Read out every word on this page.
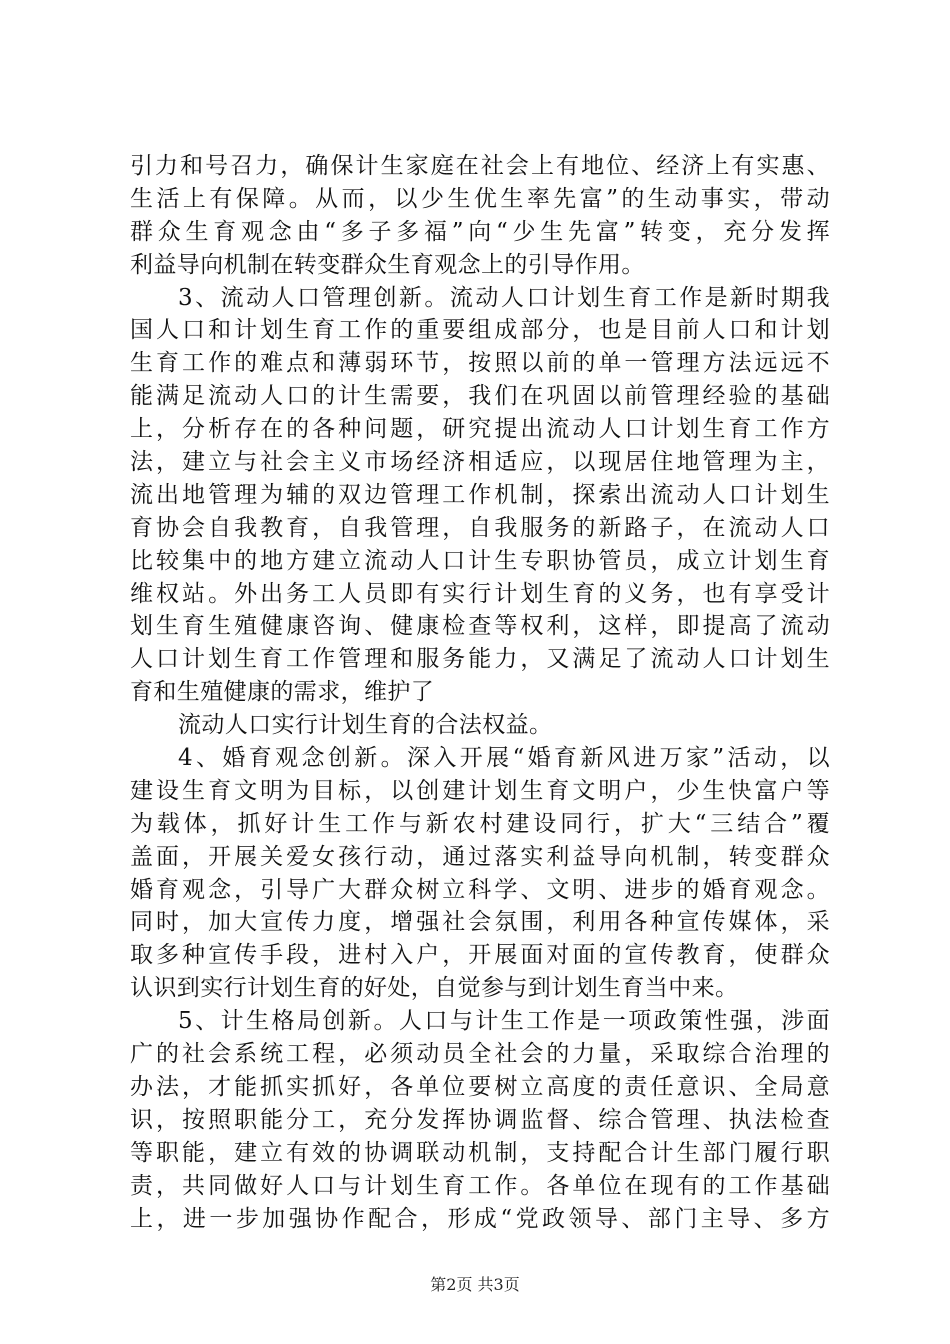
引力和号召力，确保计生家庭在社会上有地位、经济上有实惠、
生活上有保障。从而，以少生优生率先富”的生动事实，带动
群众生育观念由“多子多福”向“少生先富”转变，充分发挥
利益导向机制在转变群众生育观念上的引导作用。
3、流动人口管理创新。流动人口计划生育工作是新时期我
国人口和计划生育工作的重要组成部分，也是目前人口和计划
生育工作的难点和薄弱环节，按照以前的单一管理方法远远不
能满足流动人口的计生需要，我们在巩固以前管理经验的基础
上，分析存在的各种问题，研究提出流动人口计划生育工作方
法，建立与社会主义市场经济相适应，以现居住地管理为主，
流出地管理为辅的双边管理工作机制，探索出流动人口计划生
育协会自我教育，自我管理，自我服务的新路子，在流动人口
比较集中的地方建立流动人口计生专职协管员，成立计划生育
维权站。外出务工人员即有实行计划生育的义务，也有享受计
划生育生殖健康咨询、健康检查等权利，这样，即提高了流动
人口计划生育工作管理和服务能力，又满足了流动人口计划生
育和生殖健康的需求，维护了
流动人口实行计划生育的合法权益。
4、婚育观念创新。深入开展“婚育新风进万家”活动，以
建设生育文明为目标，以创建计划生育文明户，少生快富户等
为载体，抓好计生工作与新农村建设同行，扩大“三结合”覆
盖面，开展关爱女孩行动，通过落实利益导向机制，转变群众
婚育观念，引导广大群众树立科学、文明、进步的婚育观念。
同时，加大宣传力度，增强社会氛围，利用各种宣传媒体，采
取多种宣传手段，进村入户，开展面对面的宣传教育，使群众
认识到实行计划生育的好处，自觉参与到计划生育当中来。
5、计生格局创新。人口与计生工作是一项政策性强，涉面
广的社会系统工程，必须动员全社会的力量，采取综合治理的
办法，才能抓实抓好，各单位要树立高度的责任意识、全局意
识，按照职能分工，充分发挥协调监督、综合管理、执法检查
等职能，建立有效的协调联动机制，支持配合计生部门履行职
责，共同做好人口与计划生育工作。各单位在现有的工作基础
上，进一步加强协作配合，形成“党政领导、部门主导、多方
第2页 共3页
